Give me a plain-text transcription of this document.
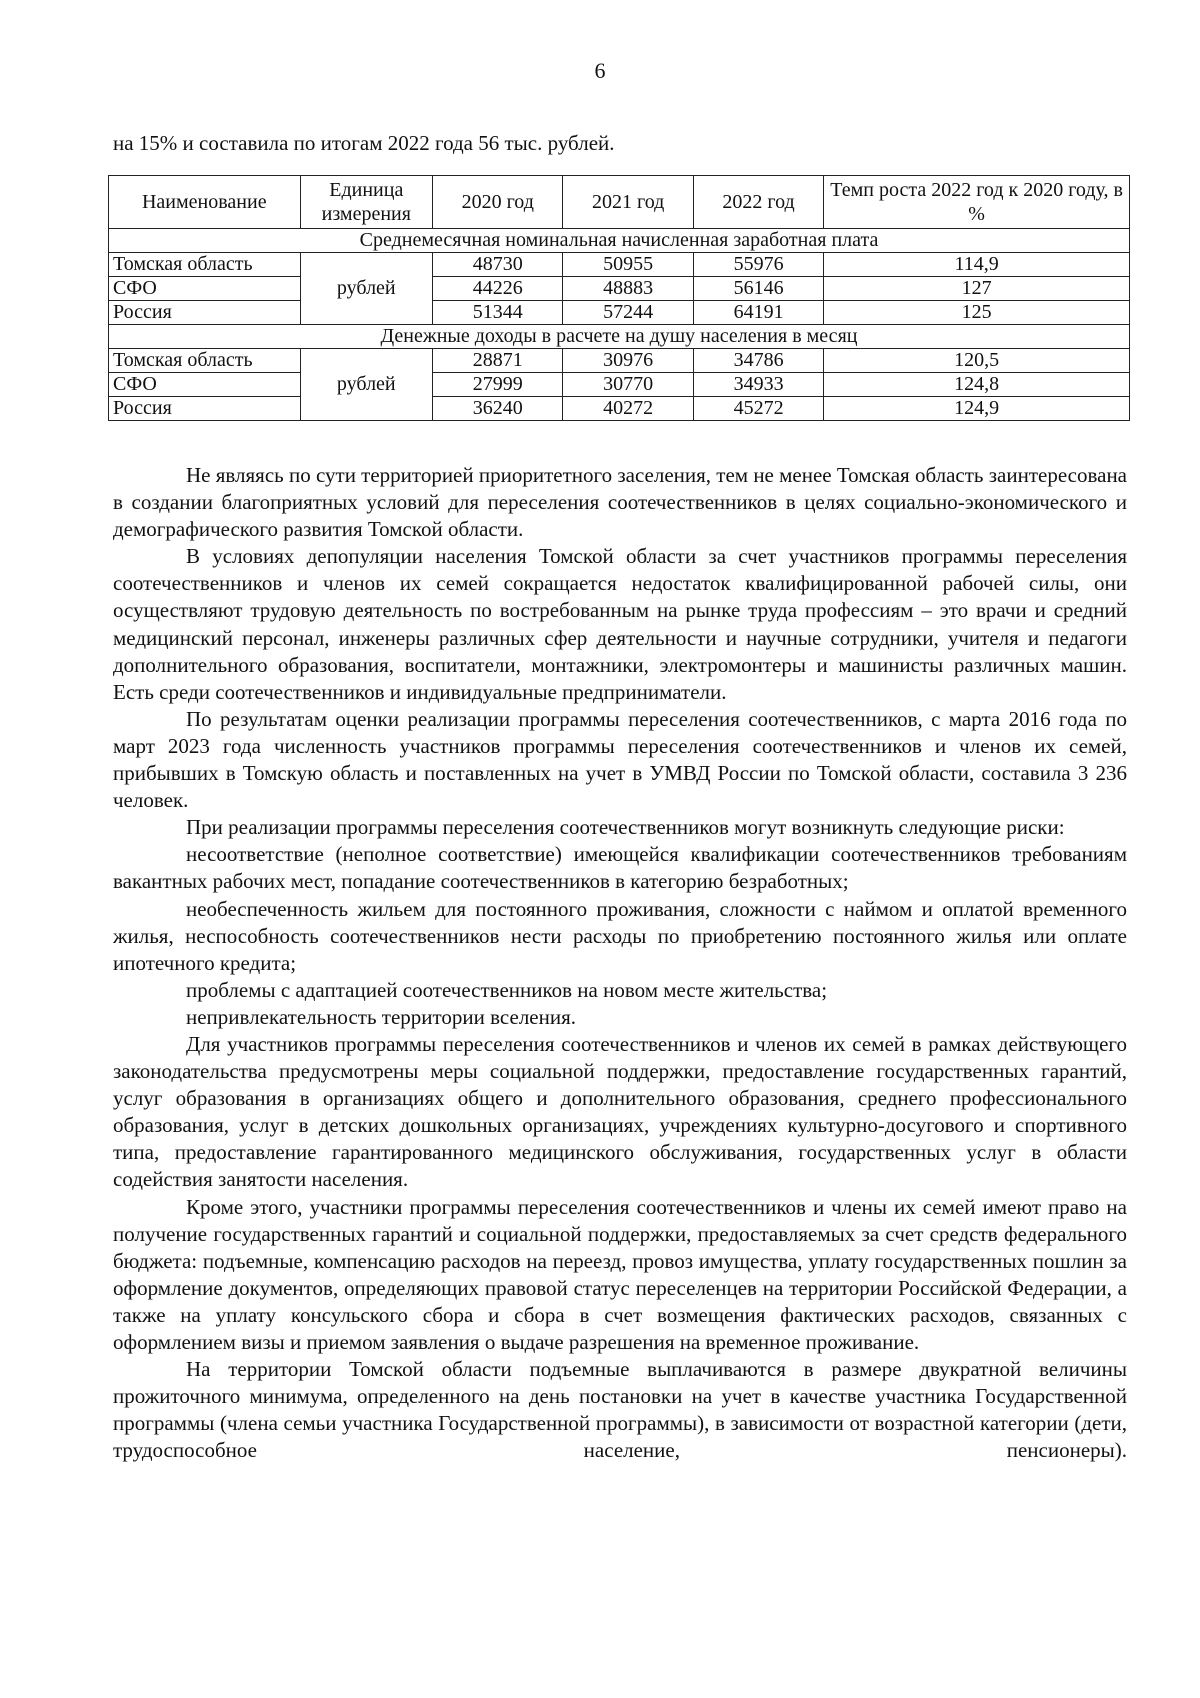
6
на 15% и составила по итогам 2022 года 56 тыс. рублей.
Наименование	Единица измерения	2020 год	2021 год	2022 год	Темп роста 2022 год к 2020 году, в %
Среднемесячная номинальная начисленная заработная плата					
Томская область	рублей	48730	50955	55976	114,9
СФО		44226	48883	56146	127
Россия		51344	57244	64191	125
Денежные доходы в расчете на душу населения в месяц					
Томская область	рублей	28871	30976	34786	120,5
СФО		27999	30770	34933	124,8
Россия		36240	40272	45272	124,9

Не являясь по сути территорией приоритетного заселения, тем не менее Томская область заинтересована в создании благоприятных условий для переселения соотечественников в целях социально-экономического и демографического развития Томской области.

В условиях депопуляции населения Томской области за счет участников программы переселения соотечественников и членов их семей сокращается недостаток квалифицированной рабочей силы, они осуществляют трудовую деятельность по востребованным на рынке труда профессиям – это врачи и средний медицинский персонал, инженеры различных сфер деятельности и научные сотрудники, учителя и педагоги дополнительного образования, воспитатели, монтажники, электромонтеры и машинисты различных машин. Есть среди соотечественников и индивидуальные предприниматели.

По результатам оценки реализации программы переселения соотечественников, с марта 2016 года по март 2023 года численность участников программы переселения соотечественников и членов их семей, прибывших в Томскую область и поставленных на учет в УМВД России по Томской области, составила 3 236 человек.

При реализации программы переселения соотечественников могут возникнуть следующие риски:

несоответствие (неполное соответствие) имеющейся квалификации соотечественников требованиям вакантных рабочих мест, попадание соотечественников в категорию безработных;

необеспеченность жильем для постоянного проживания, сложности с наймом и оплатой временного жилья, неспособность соотечественников нести расходы по приобретению постоянного жилья или оплате ипотечного кредита;

проблемы с адаптацией соотечественников на новом месте жительства;

непривлекательность территории вселения.

Для участников программы переселения соотечественников и членов их семей в рамках действующего законодательства предусмотрены меры социальной поддержки, предоставление государственных гарантий, услуг образования в организациях общего и дополнительного образования, среднего профессионального образования, услуг в детских дошкольных организациях, учреждениях культурно-досугового и спортивного типа, предоставление гарантированного медицинского обслуживания, государственных услуг в области содействия занятости населения.

Кроме этого, участники программы переселения соотечественников и члены их семей имеют право на получение государственных гарантий и социальной поддержки, предоставляемых за счет средств федерального бюджета: подъемные, компенсацию расходов на переезд, провоз имущества, уплату государственных пошлин за оформление документов, определяющих правовой статус переселенцев на территории Российской Федерации, а также на уплату консульского сбора и сбора в счет возмещения фактических расходов, связанных с оформлением визы и приемом заявления о выдаче разрешения на временное проживание.

На территории Томской области подъемные выплачиваются в размере двукратной величины прожиточного минимума, определенного на день постановки на учет в качестве участника Государственной программы (члена семьи участника Государственной программы), в зависимости от возрастной категории (дети, трудоспособное население, пенсионеры).
